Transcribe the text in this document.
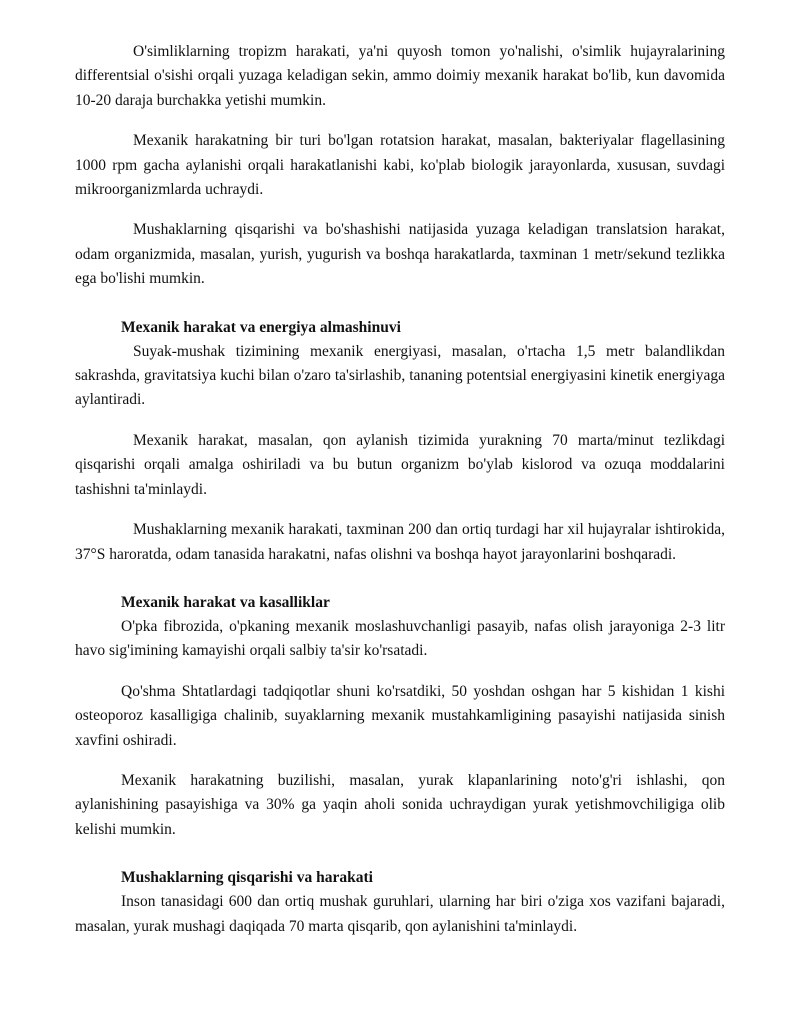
O'simliklarning tropizm harakati, ya'ni quyosh tomon yo'nalishi, o'simlik hujayralarining differentsial o'sishi orqali yuzaga keladigan sekin, ammo doimiy mexanik harakat bo'lib, kun davomida 10-20 daraja burchakka yetishi mumkin.

Mexanik harakatning bir turi bo'lgan rotatsion harakat, masalan, bakteriyalar flagellasining 1000 rpm gacha aylanishi orqali harakatlanishi kabi, ko'plab biologik jarayonlarda, xususan, suvdagi mikroorganizmlarda uchraydi.

Mushaklarning qisqarishi va bo'shashishi natijasida yuzaga keladigan translatsion harakat, odam organizmida, masalan, yurish, yugurish va boshqa harakatlarda, taxminan 1 metr/sekund tezlikka ega bo'lishi mumkin.

Mexanik harakat va energiya almashinuvi

Suyak-mushak tizimining mexanik energiyasi, masalan, o'rtacha 1,5 metr balandlikdan sakrashda, gravitatsiya kuchi bilan o'zaro ta'sirlashib, tananing potentsial energiyasini kinetik energiyaga aylantiradi.

Mexanik harakat, masalan, qon aylanish tizimida yurakning 70 marta/minut tezlikdagi qisqarishi orqali amalga oshiriladi va bu butun organizm bo'ylab kislorod va ozuqa moddalarini tashishni ta'minlaydi.

Mushaklarning mexanik harakati, taxminan 200 dan ortiq turdagi har xil hujayralar ishtirokida, 37°S haroratda, odam tanasida harakatni, nafas olishni va boshqa hayot jarayonlarini boshqaradi.

Mexanik harakat va kasalliklar

O'pka fibrozida, o'pkaning mexanik moslashuvchanligi pasayib, nafas olish jarayoniga 2-3 litr havo sig'imining kamayishi orqali salbiy ta'sir ko'rsatadi.

Qo'shma Shtatlardagi tadqiqotlar shuni ko'rsatdiki, 50 yoshdan oshgan har 5 kishidan 1 kishi osteoporoz kasalligiga chalinib, suyaklarning mexanik mustahkamligining pasayishi natijasida sinish xavfini oshiradi.

Mexanik harakatning buzilishi, masalan, yurak klapanlarining noto'g'ri ishlashi, qon aylanishining pasayishiga va 30% ga yaqin aholi sonida uchraydigan yurak yetishmovchiligiga olib kelishi mumkin.

Mushaklarning qisqarishi va harakati

Inson tanasidagi 600 dan ortiq mushak guruhlari, ularning har biri o'ziga xos vazifani bajaradi, masalan, yurak mushagi daqiqada 70 marta qisqarib, qon aylanishini ta'minlaydi.
